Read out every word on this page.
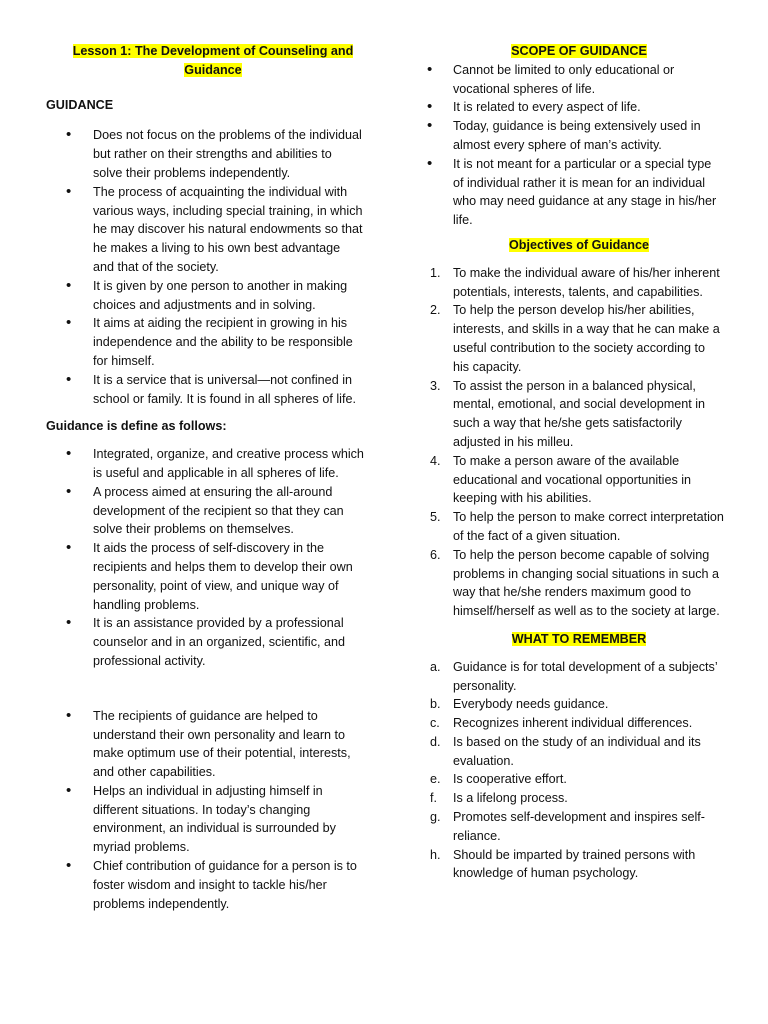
Lesson 1: The Development of Counseling and Guidance

GUIDANCE

• Does not focus on the problems of the individual but rather on their strengths and abilities to solve their problems independently.
• The process of acquainting the individual with various ways, including special training, in which he may discover his natural endowments so that he makes a living to his own best advantage and that of the society.
• It is given by one person to another in making choices and adjustments and in solving.
• It aims at aiding the recipient in growing in his independence and the ability to be responsible for himself.
• It is a service that is universal—not confined in school or family. It is found in all spheres of life.

Guidance is define as follows:

• Integrated, organize, and creative process which is useful and applicable in all spheres of life.
• A process aimed at ensuring the all-around development of the recipient so that they can solve their problems on themselves.
• It aids the process of self-discovery in the recipients and helps them to develop their own personality, point of view, and unique way of handling problems.
• It is an assistance provided by a professional counselor and in an organized, scientific, and professional activity.
• The recipients of guidance are helped to understand their own personality and learn to make optimum use of their potential, interests, and other capabilities.
• Helps an individual in adjusting himself in different situations. In today’s changing environment, an individual is surrounded by myriad problems.
• Chief contribution of guidance for a person is to foster wisdom and insight to tackle his/her problems independently.

SCOPE OF GUIDANCE

• Cannot be limited to only educational or vocational spheres of life.
• It is related to every aspect of life.
• Today, guidance is being extensively used in almost every sphere of man’s activity.
• It is not meant for a particular or a special type of individual rather it is mean for an individual who may need guidance at any stage in his/her life.

Objectives of Guidance

1. To make the individual aware of his/her inherent potentials, interests, talents, and capabilities.
2. To help the person develop his/her abilities, interests, and skills in a way that he can make a useful contribution to the society according to his capacity.
3. To assist the person in a balanced physical, mental, emotional, and social development in such a way that he/she gets satisfactorily adjusted in his milleu.
4. To make a person aware of the available educational and vocational opportunities in keeping with his abilities.
5. To help the person to make correct interpretation of the fact of a given situation.
6. To help the person become capable of solving problems in changing social situations in such a way that he/she renders maximum good to himself/herself as well as to the society at large.

WHAT TO REMEMBER

a. Guidance is for total development of a subjects’ personality.
b. Everybody needs guidance.
c. Recognizes inherent individual differences.
d. Is based on the study of an individual and its evaluation.
e. Is cooperative effort.
f. Is a lifelong process.
g. Promotes self-development and inspires self-reliance.
h. Should be imparted by trained persons with knowledge of human psychology.
